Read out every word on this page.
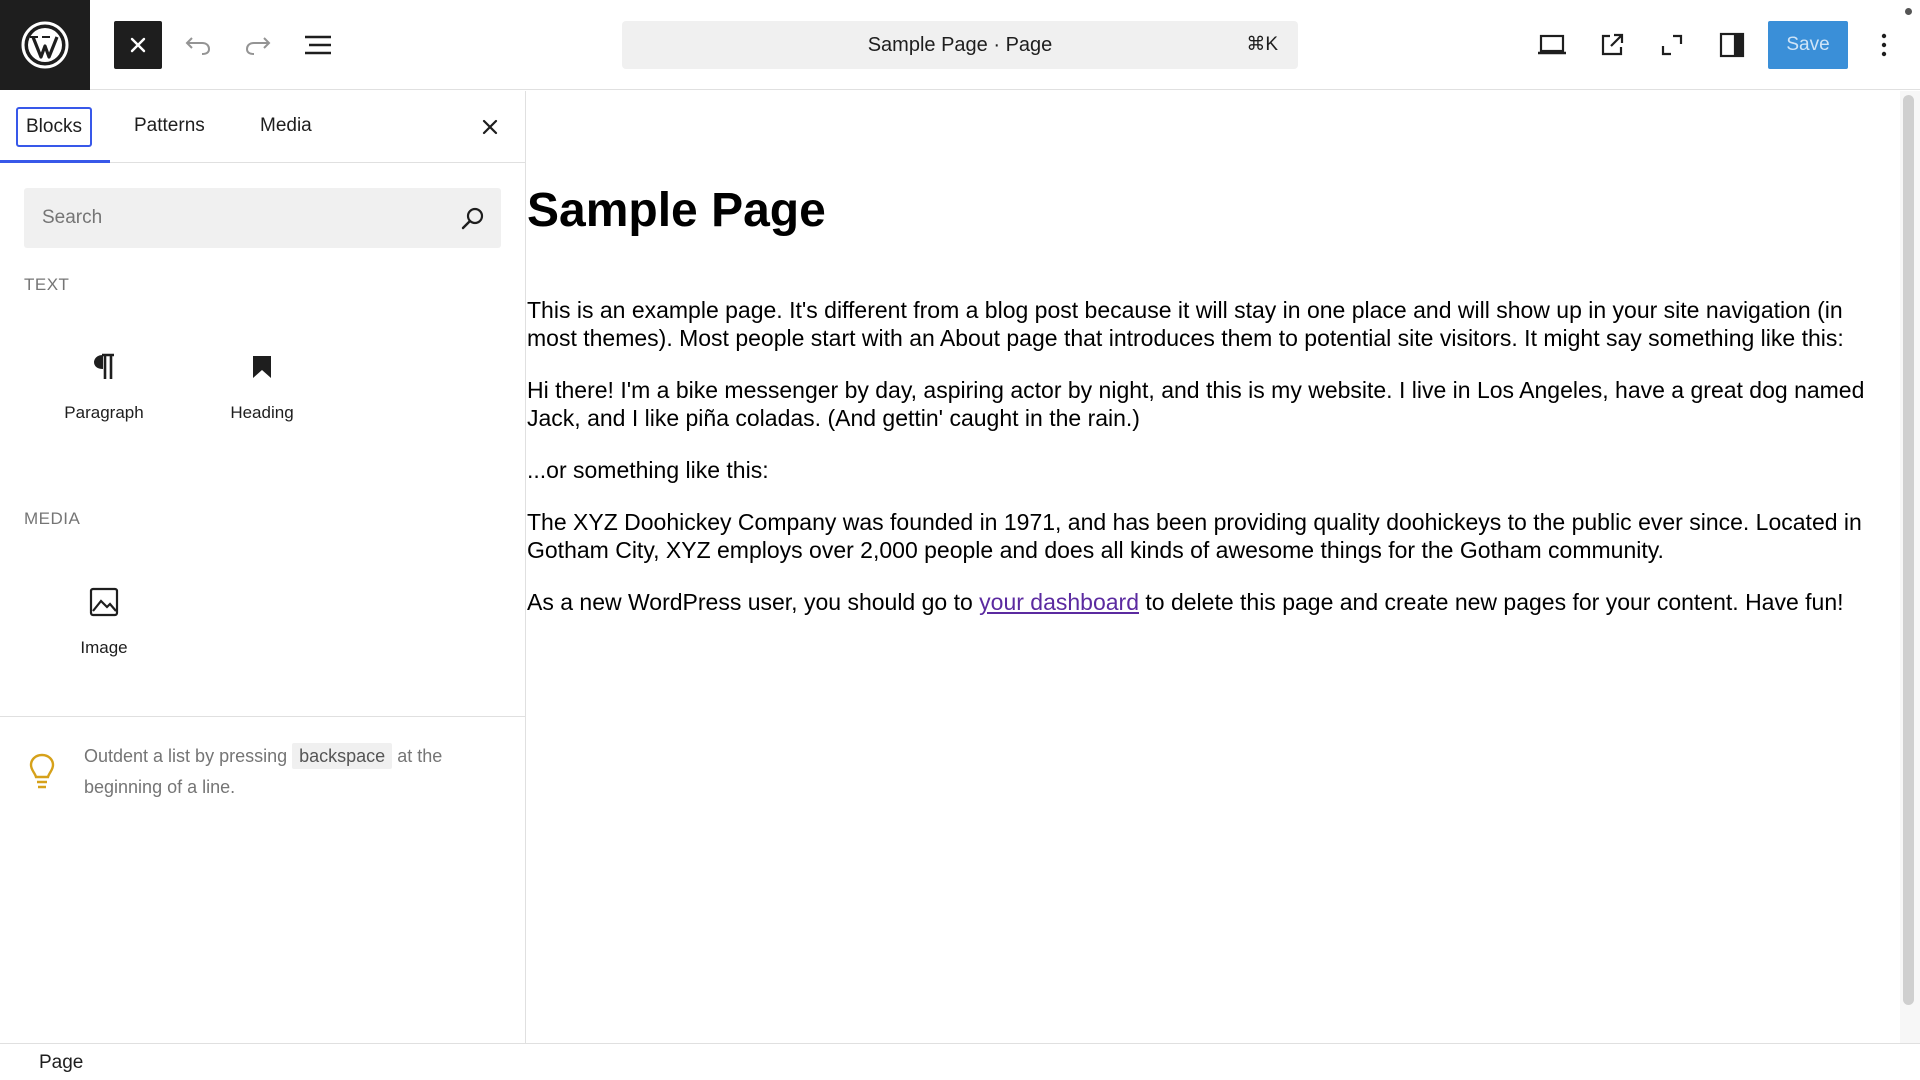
Sample Page · Page	⌘K	Save
Blocks	Patterns	Media
Search
TEXT
Paragraph	Heading
MEDIA
Image
Outdent a list by pressing backspace at the beginning of a line.
Sample Page

This is an example page. It's different from a blog post because it will stay in one place and will show up in your site navigation (in most themes). Most people start with an About page that introduces them to potential site visitors. It might say something like this:

Hi there! I'm a bike messenger by day, aspiring actor by night, and this is my website. I live in Los Angeles, have a great dog named Jack, and I like piña coladas. (And gettin' caught in the rain.)

...or something like this:

The XYZ Doohickey Company was founded in 1971, and has been providing quality doohickeys to the public ever since. Located in Gotham City, XYZ employs over 2,000 people and does all kinds of awesome things for the Gotham community.

As a new WordPress user, you should go to your dashboard to delete this page and create new pages for your content. Have fun!

Page
